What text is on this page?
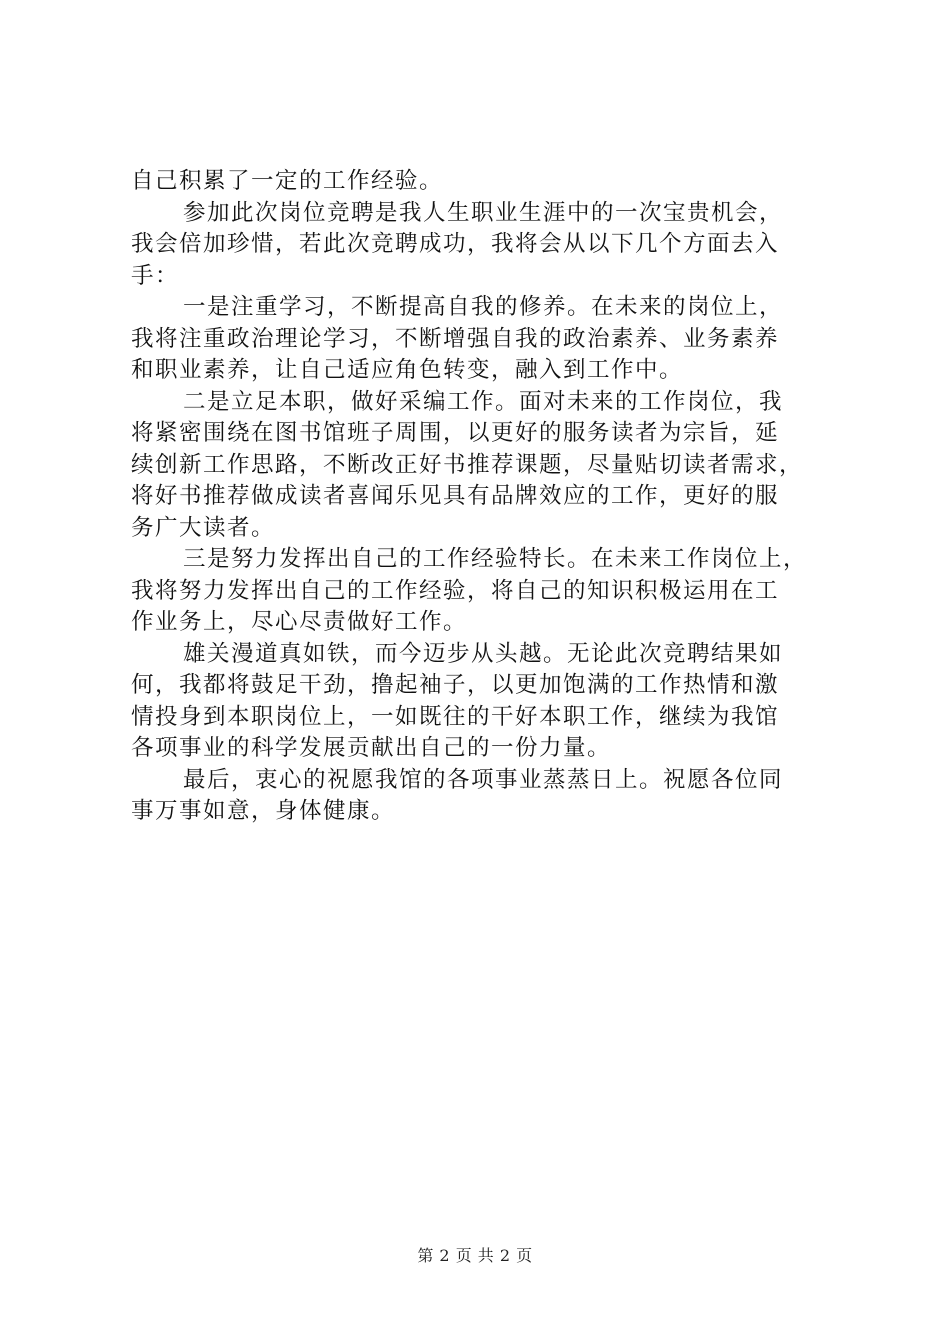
自己积累了一定的工作经验。
参加此次岗位竞聘是我人生职业生涯中的一次宝贵机会，
我会倍加珍惜，若此次竞聘成功，我将会从以下几个方面去入
手：
一是注重学习，不断提高自我的修养。在未来的岗位上，
我将注重政治理论学习，不断增强自我的政治素养、业务素养
和职业素养，让自己适应角色转变，融入到工作中。
二是立足本职，做好采编工作。面对未来的工作岗位，我
将紧密围绕在图书馆班子周围，以更好的服务读者为宗旨，延
续创新工作思路，不断改正好书推荐课题，尽量贴切读者需求，
将好书推荐做成读者喜闻乐见具有品牌效应的工作，更好的服
务广大读者。
三是努力发挥出自己的工作经验特长。在未来工作岗位上，
我将努力发挥出自己的工作经验，将自己的知识积极运用在工
作业务上，尽心尽责做好工作。
雄关漫道真如铁，而今迈步从头越。无论此次竞聘结果如
何，我都将鼓足干劲，撸起袖子，以更加饱满的工作热情和激
情投身到本职岗位上，一如既往的干好本职工作，继续为我馆
各项事业的科学发展贡献出自己的一份力量。
最后，衷心的祝愿我馆的各项事业蒸蒸日上。祝愿各位同
事万事如意，身体健康。
第 2 页 共 2 页
